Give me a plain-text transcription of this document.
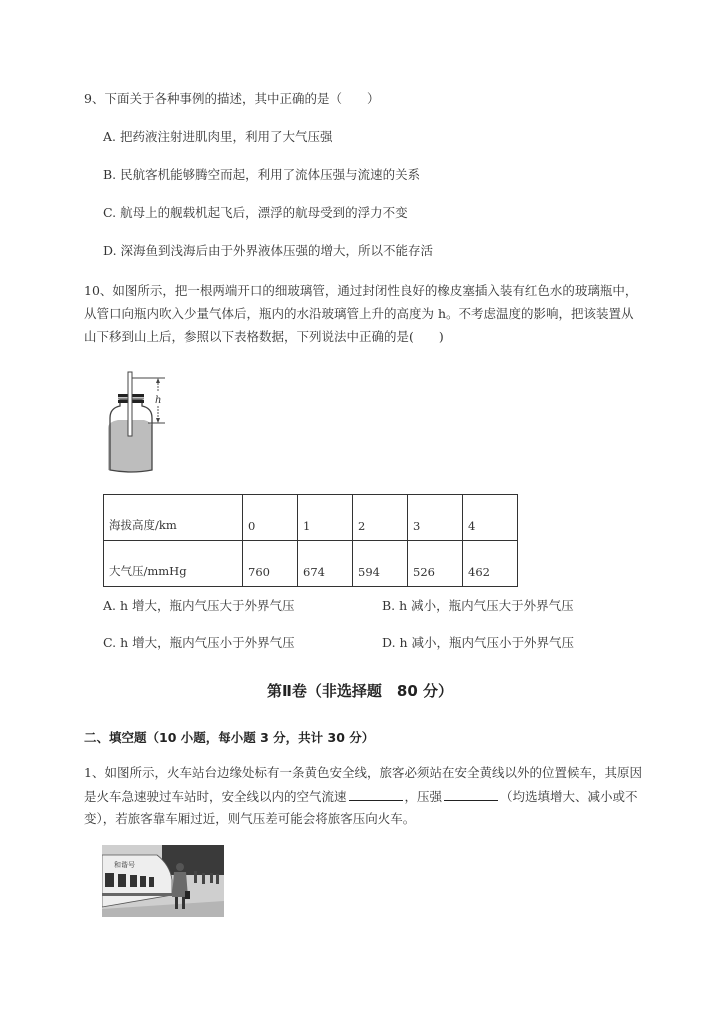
9、下面关于各种事例的描述，其中正确的是（　　）
A. 把药液注射进肌肉里，利用了大气压强
B. 民航客机能够腾空而起，利用了流体压强与流速的关系
C. 航母上的舰载机起飞后，漂浮的航母受到的浮力不变
D. 深海鱼到浅海后由于外界液体压强的增大，所以不能存活
10、如图所示，把一根两端开口的细玻璃管，通过封闭性良好的橡皮塞插入装有红色水的玻璃瓶中，
从管口向瓶内吹入少量气体后，瓶内的水沿玻璃管上升的高度为 h。不考虑温度的影响，把该装置从
山下移到山上后，参照以下表格数据，下列说法中正确的是(　　)
h
海拔高度/km	0	1	2	3	4
大气压/mmHg	760	674	594	526	462
A. h 增大，瓶内气压大于外界气压	B. h 减小，瓶内气压大于外界气压
C. h 增大，瓶内气压小于外界气压	D. h 减小，瓶内气压小于外界气压
第Ⅱ卷（非选择题　80 分）
二、填空题（10 小题，每小题 3 分，共计 30 分）
1、如图所示，火车站台边缘处标有一条黄色安全线，旅客必须站在安全黄线以外的位置候车，其原因
是火车急速驶过车站时，安全线以内的空气流速	，压强	（均选填增大、减小或不
变），若旅客靠车厢过近，则气压差可能会将旅客压向火车。
和谐号
